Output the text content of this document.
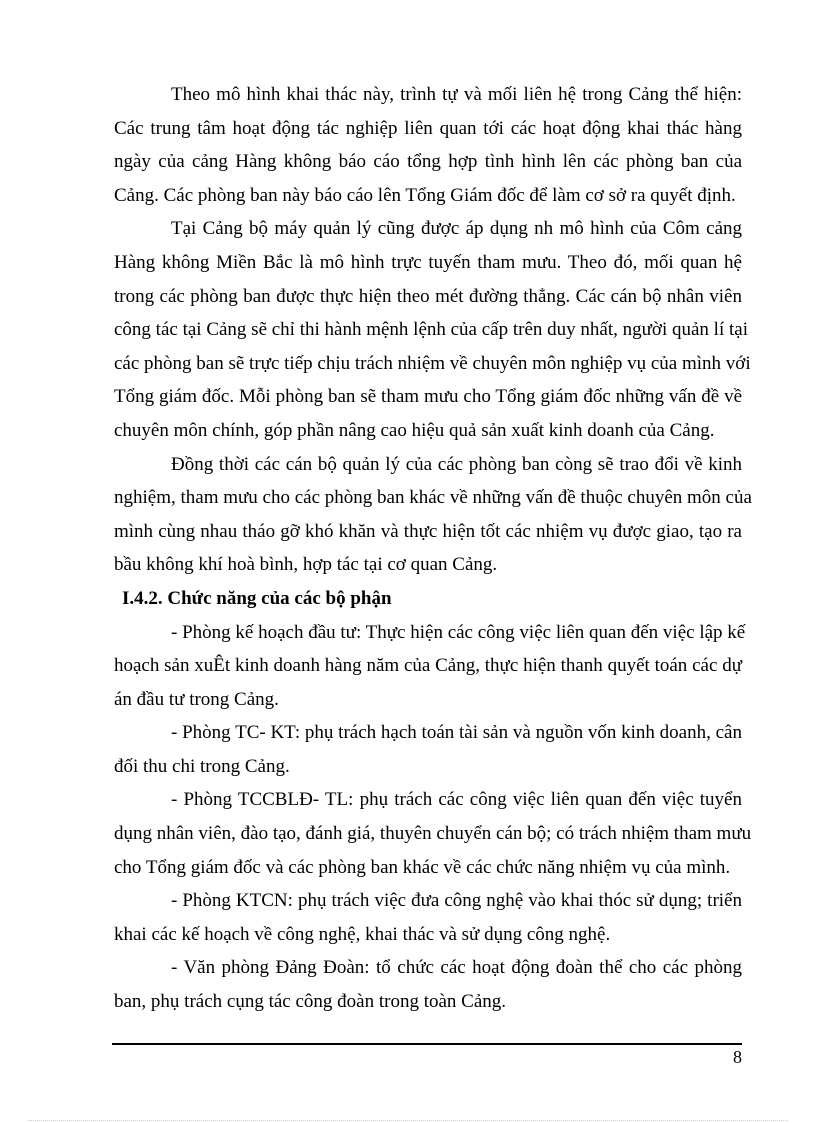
Theo mô hình khai thác này, trình tự và mối liên hệ trong Cảng thể hiện:
Các trung tâm hoạt động tác nghiệp liên quan tới các hoạt động khai thác hàng
ngày của cảng Hàng không báo cáo tổng hợp tình hình lên các phòng ban của
Cảng. Các phòng ban này báo cáo lên Tổng Giám đốc để làm cơ sở ra quyết định.

Tại Cảng bộ máy quản lý cũng được áp dụng nh mô hình của Côm cảng
Hàng không Miền Bắc là mô hình trực tuyến tham mưu. Theo đó, mối quan hệ
trong các phòng ban được thực hiện theo mét đường thẳng. Các cán bộ nhân viên
công tác tại Cảng sẽ chỉ thi hành mệnh lệnh của cấp trên duy nhất, người quản lí tại
các phòng ban sẽ trực tiếp chịu trách nhiệm về chuyên môn nghiệp vụ của mình với
Tổng giám đốc. Mỗi phòng ban sẽ tham mưu cho Tổng giám đốc những vấn đề về
chuyên môn chính, góp phần nâng cao hiệu quả sản xuất kinh doanh của Cảng.

Đồng thời các cán bộ quản lý của các phòng ban còng sẽ trao đổi về kinh
nghiệm, tham mưu cho các phòng ban khác về những vấn đề thuộc chuyên môn của
mình cùng nhau tháo gỡ khó khăn và thực hiện tốt các nhiệm vụ được giao, tạo ra
bầu không khí hoà bình, hợp tác tại cơ quan Cảng.

I.4.2. Chức năng của các bộ phận

- Phòng kế hoạch đầu tư: Thực hiện các công việc liên quan đến việc lập kế
hoạch sản xuÊt kinh doanh hàng năm của Cảng, thực hiện thanh quyết toán các dự
án đầu tư trong Cảng.

- Phòng TC- KT: phụ trách hạch toán tài sản và nguồn vốn kinh doanh, cân
đối thu chi trong Cảng.

- Phòng TCCBLĐ- TL: phụ trách các công việc liên quan đến việc tuyển
dụng nhân viên, đào tạo, đánh giá, thuyên chuyển cán bộ; có trách nhiệm tham mưu
cho Tổng giám đốc và các phòng ban khác về các chức năng nhiệm vụ của mình.

- Phòng KTCN: phụ trách việc đưa công nghệ vào khai thóc sử dụng; triển
khai các kế hoạch về công nghệ, khai thác và sử dụng công nghệ.

- Văn phòng Đảng Đoàn: tổ chức các hoạt động đoàn thể cho các phòng
ban, phụ trách cụng tác công đoàn trong toàn Cảng.

8
